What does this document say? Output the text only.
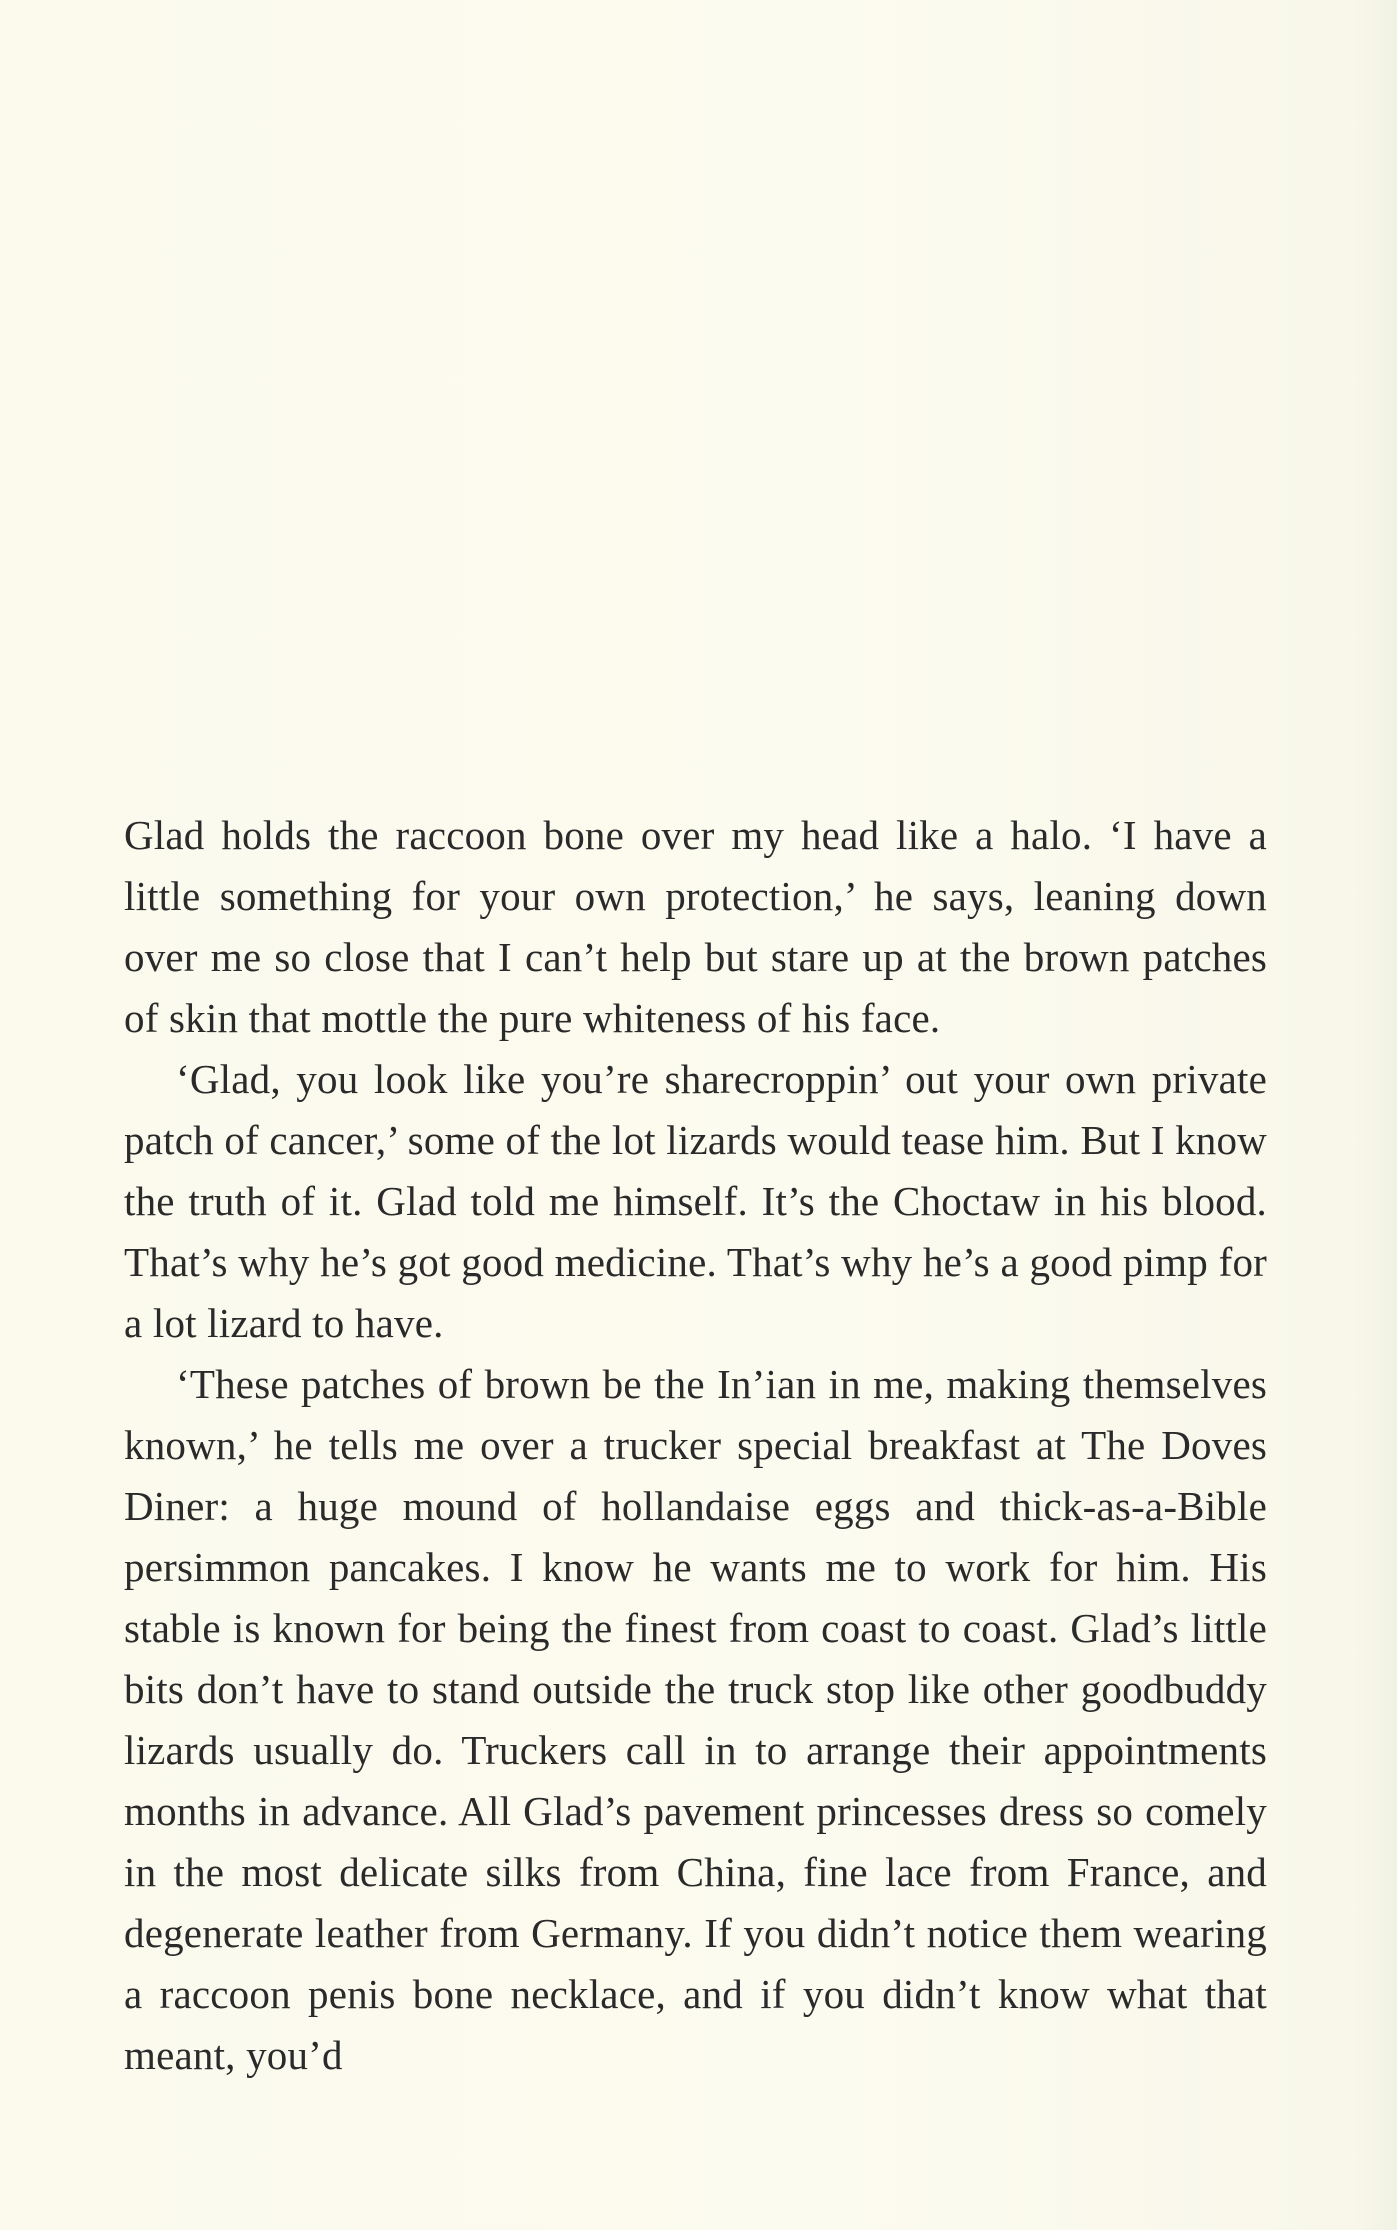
Glad holds the raccoon bone over my head like a halo. ‘I have a little something for your own protection,’ he says, leaning down over me so close that I can’t help but stare up at the brown patches of skin that mottle the pure whiteness of his face.

‘Glad, you look like you’re sharecroppin’ out your own private patch of cancer,’ some of the lot lizards would tease him. But I know the truth of it. Glad told me himself. It’s the Choctaw in his blood. That’s why he’s got good medicine. That’s why he’s a good pimp for a lot lizard to have.

‘These patches of brown be the In’ian in me, making themselves known,’ he tells me over a trucker special breakfast at The Doves Diner: a huge mound of hollandaise eggs and thick-as-a-Bible persimmon pancakes. I know he wants me to work for him. His stable is known for being the finest from coast to coast. Glad’s little bits don’t have to stand outside the truck stop like other goodbuddy lizards usually do. Truckers call in to arrange their appointments months in advance. All Glad’s pavement princesses dress so comely in the most delicate silks from China, fine lace from France, and degenerate leather from Germany. If you didn’t notice them wearing a raccoon penis bone necklace, and if you didn’t know what that meant, you’d
